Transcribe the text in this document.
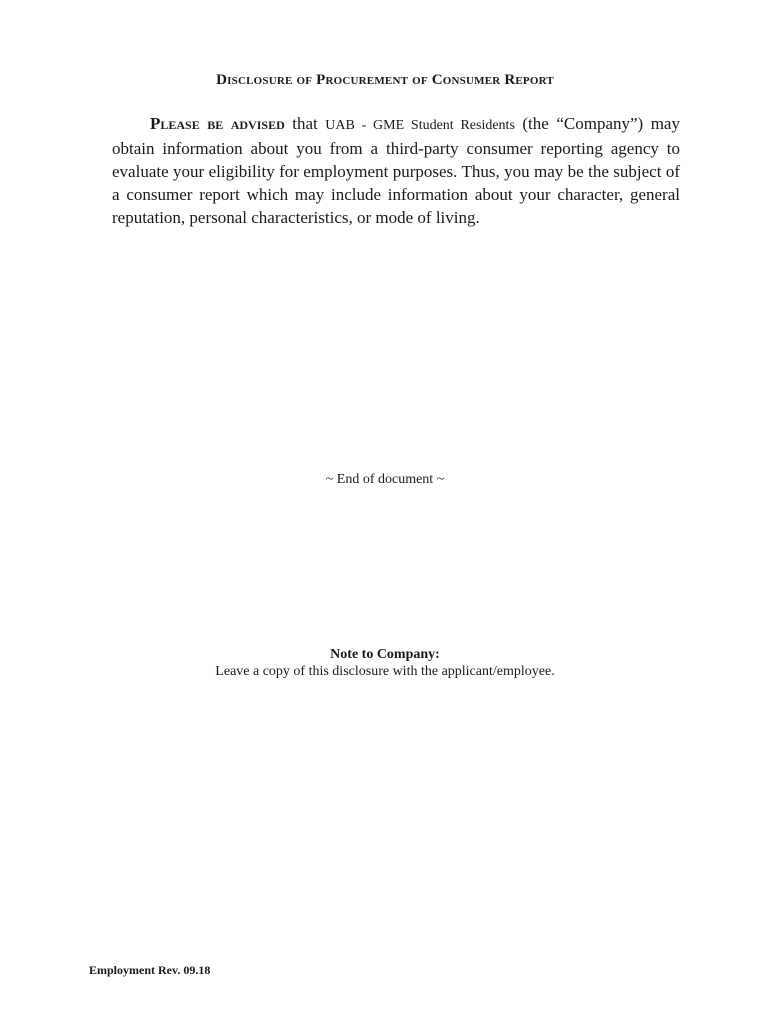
Disclosure of Procurement of Consumer Report

Please be advised that UAB - GME Student Residents (the “Company”) may obtain information about you from a third-party consumer reporting agency to evaluate your eligibility for employment purposes. Thus, you may be the subject of a consumer report which may include information about your character, general reputation, personal characteristics, or mode of living.

~ End of document ~
Note to Company:
Leave a copy of this disclosure with the applicant/employee.
Employment Rev. 09.18
